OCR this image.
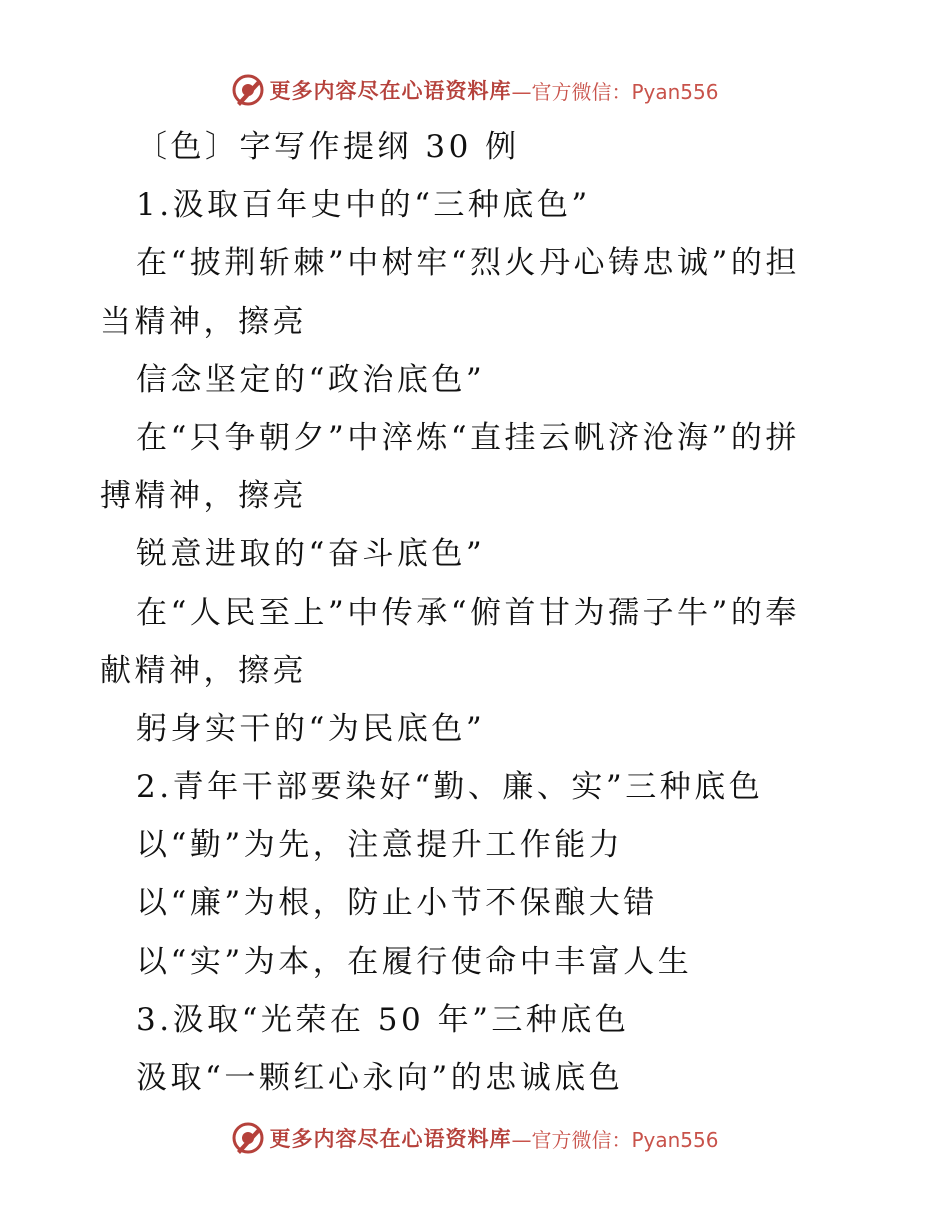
更多内容尽在心语资料库 —官方微信：Pyan556
〔色〕字写作提纲 30 例
1.汲取百年史中的“三种底色”
在“披荆斩棘”中树牢“烈火丹心铸忠诚”的担
当精神，擦亮
信念坚定的“政治底色”
在“只争朝夕”中淬炼“直挂云帆济沧海”的拼
搏精神，擦亮
锐意进取的“奋斗底色”
在“人民至上”中传承“俯首甘为孺子牛”的奉
献精神，擦亮
躬身实干的“为民底色”
2.青年干部要染好“勤、廉、实”三种底色
以“勤”为先，注意提升工作能力
以“廉”为根，防止小节不保酿大错
以“实”为本，在履行使命中丰富人生
3.汲取“光荣在 50 年”三种底色
汲取“一颗红心永向”的忠诚底色
更多内容尽在心语资料库 —官方微信：Pyan556
